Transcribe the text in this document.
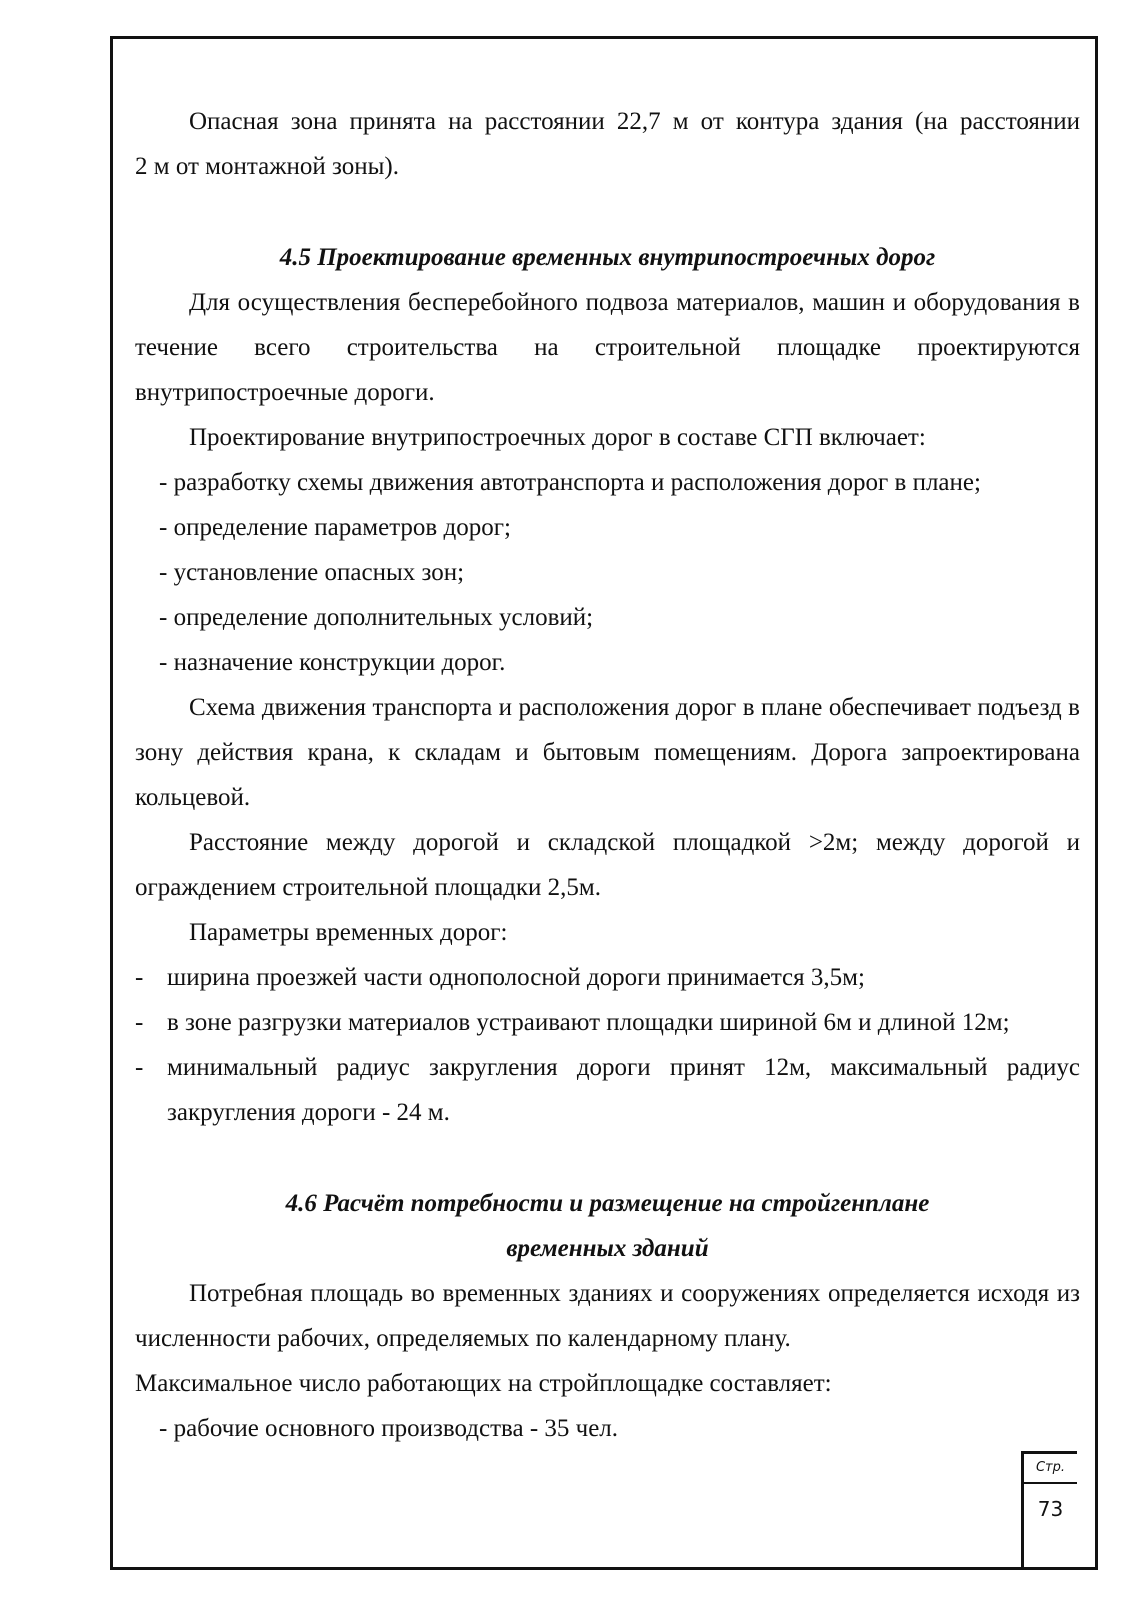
Опасная зона принята на расстоянии 22,7 м от контура здания (на расстоянии

2 м от монтажной зоны).

4.5 Проектирование временных внутрипостроечных дорог

Для осуществления бесперебойного подвоза материалов, машин и оборудования в течение всего строительства на строительной площадке проектируются внутрипостроечные дороги.

Проектирование внутрипостроечных дорог в составе СГП включает:

- разработку схемы движения автотранспорта и расположения дорог в плане;

- определение параметров дорог;

- установление опасных зон;

- определение дополнительных условий;

- назначение конструкции дорог.

Схема движения транспорта и расположения дорог в плане обеспечивает подъезд в зону действия крана, к складам и бытовым помещениям. Дорога запроектирована кольцевой.

Расстояние между дорогой и складской площадкой >2м; между дорогой и ограждением строительной площадки 2,5м.

Параметры временных дорог:

- ширина проезжей части однополосной дороги принимается 3,5м;
- в зоне разгрузки материалов устраивают площадки шириной 6м и длиной 12м;
- минимальный радиус закругления дороги принят 12м, максимальный радиус закругления дороги - 24 м.

4.6 Расчёт потребности и размещение на стройгенплане

временных зданий

Потребная площадь во временных зданиях и сооружениях определяется исходя из численности рабочих, определяемых по календарному плану.

Максимальное число работающих на стройплощадке составляет:

- рабочие основного производства - 35 чел.

Стр.
73
